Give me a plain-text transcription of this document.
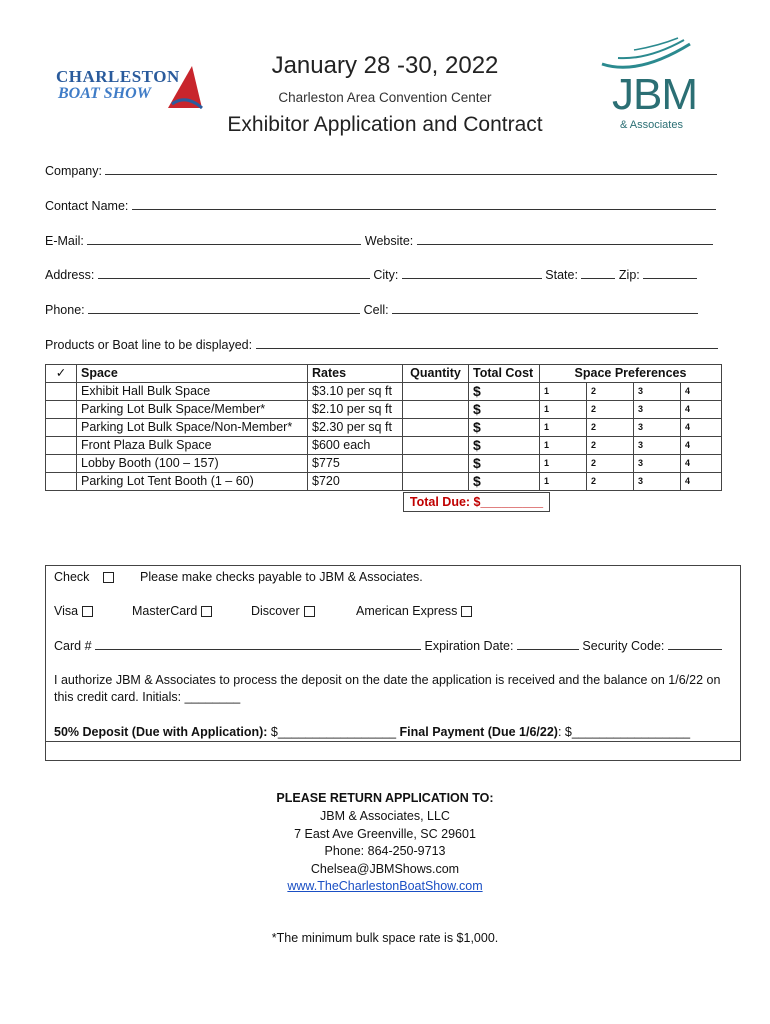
CHARLESTON
BOAT SHOW
January 28 -30, 2022
Charleston Area Convention Center
Exhibitor Application and Contract
JBM
& Associates
Company:
Contact Name:
E-Mail:	Website:
Address:	City:	State:	Zip:
Phone:	Cell:
Products or Boat line to be displayed:
✓	Space	Rates	Quantity	Total Cost	Space Preferences			
	Exhibit Hall Bulk Space	$3.10 per sq ft		$	1	2	3	4
	Parking Lot Bulk Space/Member*	$2.10 per sq ft		$	1	2	3	4
	Parking Lot Bulk Space/Non-Member*	$2.30 per sq ft		$	1	2	3	4
	Front Plaza Bulk Space	$600 each		$	1	2	3	4
	Lobby Booth (100 – 157)	$775		$	1	2	3	4
	Parking Lot Tent Booth (1 – 60)	$720		$	1	2	3	4
Total Due: $_________
Check	Please make checks payable to JBM & Associates.
Visa	MasterCard	Discover	American Express
Card #	Expiration Date:	Security Code:
I authorize JBM & Associates to process the deposit on the date the application is received and the balance on 1/6/22 on
this credit card. Initials: ________
50% Deposit (Due with Application): $_________________ Final Payment (Due 1/6/22): $_________________
PLEASE RETURN APPLICATION TO:
JBM & Associates, LLC
7 East Ave Greenville, SC 29601
Phone: 864-250-9713
Chelsea@JBMShows.com
www.TheCharlestonBoatShow.com
*The minimum bulk space rate is $1,000.
